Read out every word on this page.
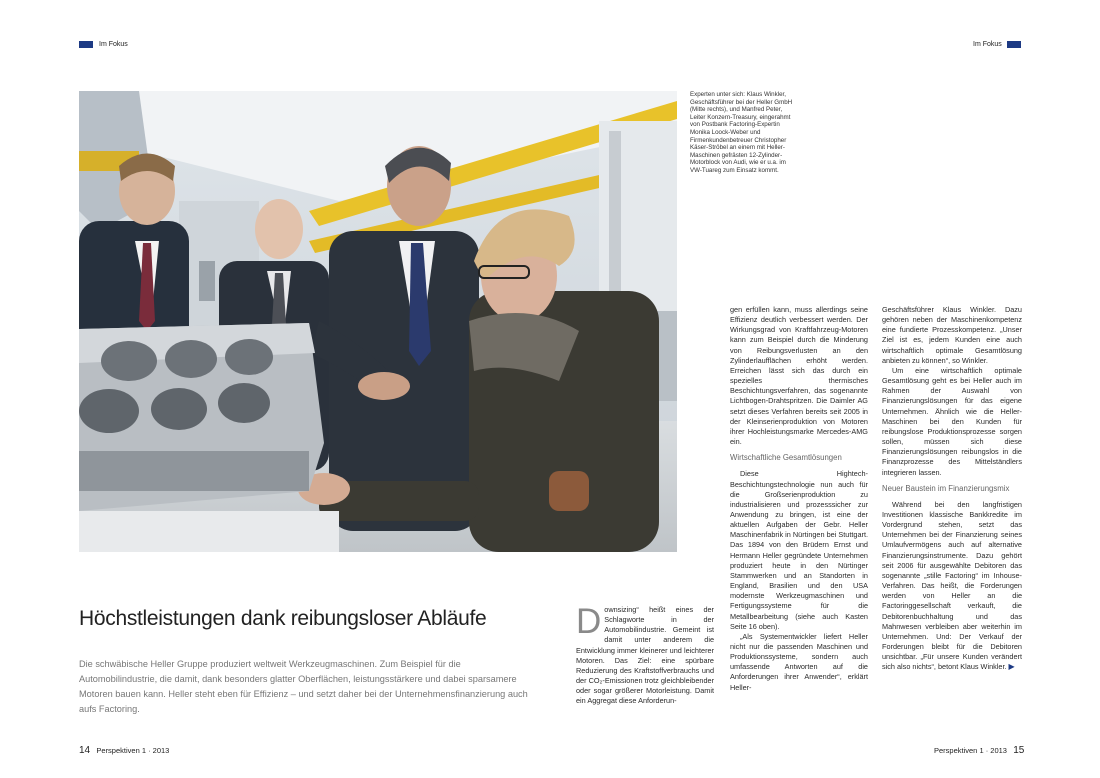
Im Fokus	Im Fokus
Experten unter sich: Klaus Winkler, Geschäftsführer bei der Heller GmbH (Mitte rechts), und Manfred Peter, Leiter Konzern-Treasury, eingerahmt von Postbank Factoring-Expertin Monika Loock-Weber und Firmenkundenbetreuer Christopher Käser-Ströbel an einem mit Heller-Maschinen gefrästen 12-Zylinder-Motorblock von Audi, wie er u.a. im VW-Tuareg zum Einsatz kommt.
Höchstleistungen dank reibungsloser Abläufe
Die schwäbische Heller Gruppe produziert weltweit Werkzeugmaschinen. Zum Beispiel für die Automobilindustrie, die damit, dank besonders glatter Oberflächen, leistungsstärkere und dabei sparsamere Motoren bauen kann. Heller steht eben für Effizienz – und setzt daher bei der Unternehmensfinanzierung auch aufs Factoring.
D ownsizing“ heißt eines der Schlagworte in der Automobilindustrie. Gemeint ist damit unter anderem die Entwicklung immer kleinerer und leichterer Motoren. Das Ziel: eine spürbare Reduzierung des Kraftstoffverbrauchs und der CO₂-Emissionen trotz gleichbleibender oder sogar größerer Motorleistung. Damit ein Aggregat diese Anforderun-

gen erfüllen kann, muss allerdings seine Effizienz deutlich verbessert werden. Der Wirkungsgrad von Kraftfahrzeug-Motoren kann zum Beispiel durch die Minderung von Reibungsverlusten an den Zylinderlaufflächen erhöht werden. Erreichen lässt sich das durch ein spezielles thermisches Beschichtungsverfahren, das sogenannte Lichtbogen-Drahtspritzen. Die Daimler AG setzt dieses Verfahren bereits seit 2005 in der Kleinserienproduktion von Motoren ihrer Hochleistungsmarke Mercedes-AMG ein.

Wirtschaftliche Gesamtlösungen

Diese Hightech-Beschichtungstechnologie nun auch für die Großserienproduktion zu industrialisieren und prozesssicher zur Anwendung zu bringen, ist eine der aktuellen Aufgaben der Gebr. Heller Maschinenfabrik in Nürtingen bei Stuttgart. Das 1894 von den Brüdern Ernst und Hermann Heller gegründete Unternehmen produziert heute in den Nürtinger Stammwerken und an Standorten in England, Brasilien und den USA modernste Werkzeugmaschinen und Fertigungssysteme für die Metallbearbeitung (siehe auch Kasten Seite 16 oben).

„Als Systementwickler liefert Heller nicht nur die passenden Maschinen und Produktionssysteme, sondern auch umfassende Antworten auf die Anforderungen ihrer Anwender“, erklärt Heller-

Geschäftsführer Klaus Winkler. Dazu gehören neben der Maschinenkompetenz eine fundierte Prozesskompetenz. „Unser Ziel ist es, jedem Kunden eine auch wirtschaftlich optimale Gesamtlösung anbieten zu können“, so Winkler.

Um eine wirtschaftlich optimale Gesamtlösung geht es bei Heller auch im Rahmen der Auswahl von Finanzierungslösungen für das eigene Unternehmen. Ähnlich wie die Heller-Maschinen bei den Kunden für reibungslose Produktionsprozesse sorgen sollen, müssen sich diese Finanzierungslösungen reibungslos in die Finanzprozesse des Mittelständlers integrieren lassen.

Neuer Baustein im Finanzierungsmix

Während bei den langfristigen Investitionen klassische Bankkredite im Vordergrund stehen, setzt das Unternehmen bei der Finanzierung seines Umlaufvermögens auch auf alternative Finanzierungsinstrumente. Dazu gehört seit 2006 für ausgewählte Debitoren das sogenannte „stille Factoring“ im Inhouse-Verfahren. Das heißt, die Forderungen werden von Heller an die Factoringgesellschaft verkauft, die Debitorenbuchhaltung und das Mahnwesen verbleiben aber weiterhin im Unternehmen. Und: Der Verkauf der Forderungen bleibt für die Debitoren unsichtbar. „Für unsere Kunden verändert sich also nichts“, betont Klaus Winkler. ▶

14 Perspektiven 1 · 2013	Perspektiven 1 · 2013 15
